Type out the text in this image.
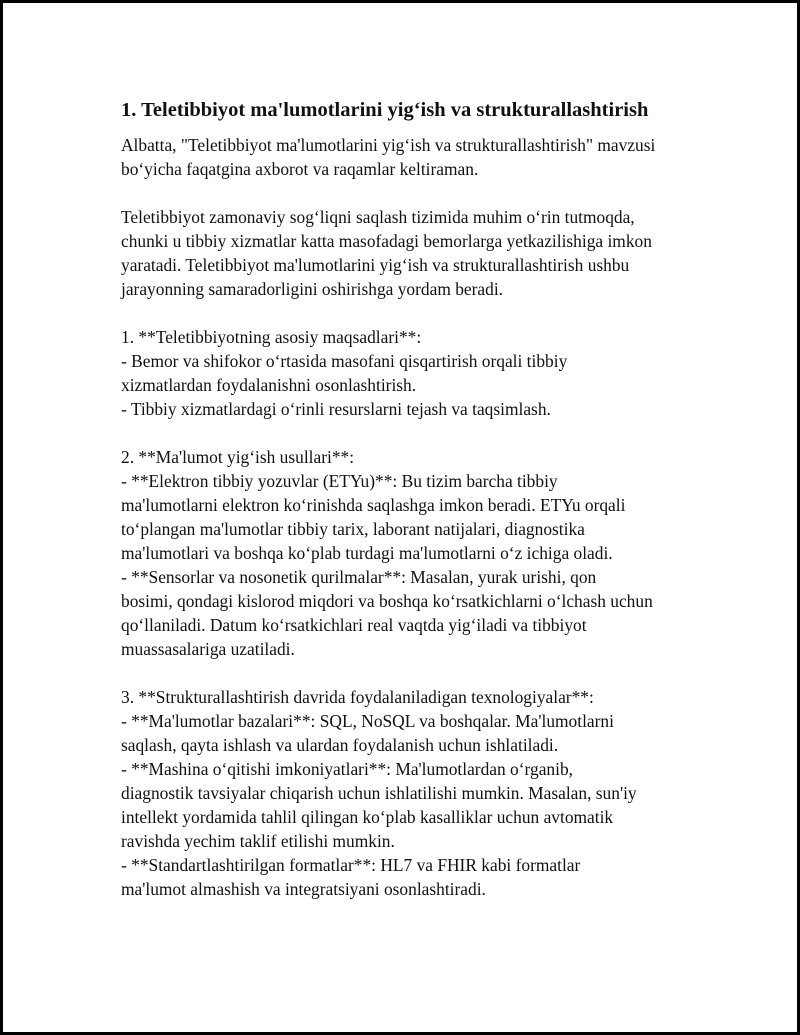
1. Teletibbiyot ma'lumotlarini yig‘ish va strukturallashtirish

Albatta, "Teletibbiyot ma'lumotlarini yig‘ish va strukturallashtirish" mavzusi
bo‘yicha faqatgina axborot va raqamlar keltiraman.

Teletibbiyot zamonaviy sog‘liqni saqlash tizimida muhim o‘rin tutmoqda,
chunki u tibbiy xizmatlar katta masofadagi bemorlarga yetkazilishiga imkon
yaratadi. Teletibbiyot ma'lumotlarini yig‘ish va strukturallashtirish ushbu
jarayonning samaradorligini oshirishga yordam beradi.

1. **Teletibbiyotning asosiy maqsadlari**:
- Bemor va shifokor o‘rtasida masofani qisqartirish orqali tibbiy
xizmatlardan foydalanishni osonlashtirish.
- Tibbiy xizmatlardagi o‘rinli resurslarni tejash va taqsimlash.

2. **Ma'lumot yig‘ish usullari**:
- **Elektron tibbiy yozuvlar (ETYu)**: Bu tizim barcha tibbiy
ma'lumotlarni elektron ko‘rinishda saqlashga imkon beradi. ETYu orqali
to‘plangan ma'lumotlar tibbiy tarix, laborant natijalari, diagnostika
ma'lumotlari va boshqa ko‘plab turdagi ma'lumotlarni o‘z ichiga oladi.
- **Sensorlar va nosonetik qurilmalar**: Masalan, yurak urishi, qon
bosimi, qondagi kislorod miqdori va boshqa ko‘rsatkichlarni o‘lchash uchun
qo‘llaniladi. Datum ko‘rsatkichlari real vaqtda yig‘iladi va tibbiyot
muassasalariga uzatiladi.

3. **Strukturallashtirish davrida foydalaniladigan texnologiyalar**:
- **Ma'lumotlar bazalari**: SQL, NoSQL va boshqalar. Ma'lumotlarni
saqlash, qayta ishlash va ulardan foydalanish uchun ishlatiladi.
- **Mashina o‘qitishi imkoniyatlari**: Ma'lumotlardan o‘rganib,
diagnostik tavsiyalar chiqarish uchun ishlatilishi mumkin. Masalan, sun'iy
intellekt yordamida tahlil qilingan ko‘plab kasalliklar uchun avtomatik
ravishda yechim taklif etilishi mumkin.
- **Standartlashtirilgan formatlar**: HL7 va FHIR kabi formatlar
ma'lumot almashish va integratsiyani osonlashtiradi.
